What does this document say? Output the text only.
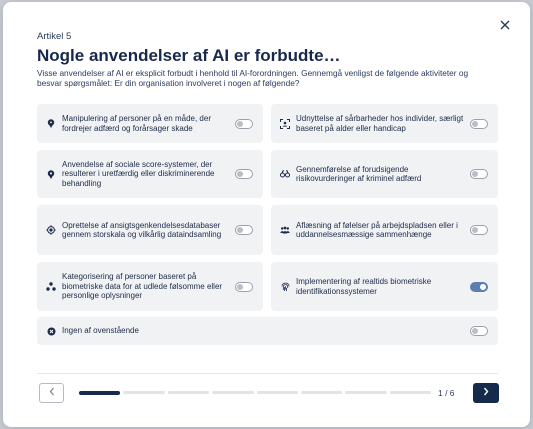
Artikel 5
Nogle anvendelser af AI er forbudte…
Visse anvendelser af AI er eksplicit forbudt i henhold til AI-forordningen. Gennemgå venligst de følgende aktiviteter og besvar spørgsmålet: Er din organisation involveret i nogen af følgende?
Manipulering af personer på en måde, der fordrejer adfærd og forårsager skade
Udnyttelse af sårbarheder hos individer, særligt baseret på alder eller handicap
Anvendelse af sociale score-systemer, der resulterer i uretfærdig eller diskriminerende behandling
Gennemførelse af forudsigende risikovurderinger af kriminel adfærd
Oprettelse af ansigtsgenkendelsesdatabaser gennem storskala og vilkårlig dataindsamling
Aflæsning af følelser på arbejdspladsen eller i uddannelsesmæssige sammenhænge
Kategorisering af personer baseret på biometriske data for at udlede følsomme eller personlige oplysninger
Implementering af realtids biometriske identifikationssystemer
Ingen af ovenstående
1 / 6
